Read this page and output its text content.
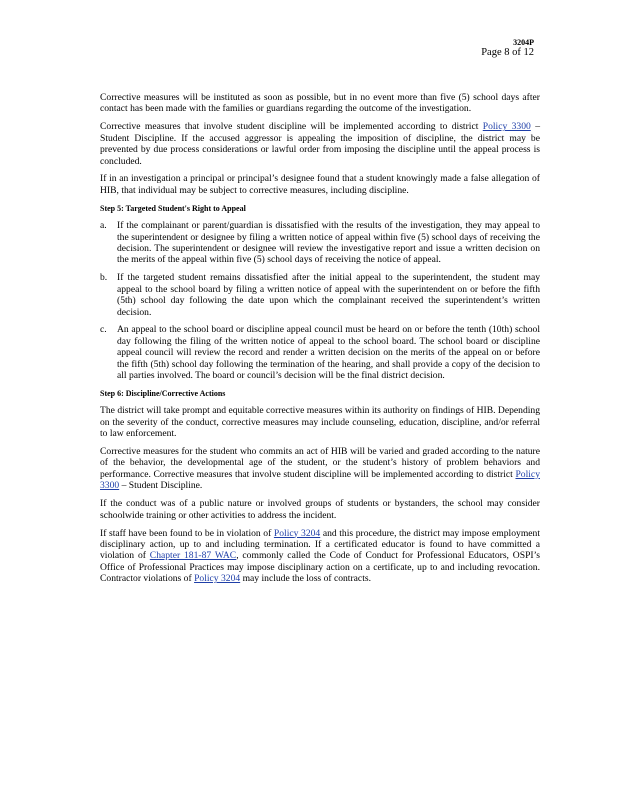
3204P
Page 8 of 12

Corrective measures will be instituted as soon as possible, but in no event more than five (5) school days after contact has been made with the families or guardians regarding the outcome of the investigation.

Corrective measures that involve student discipline will be implemented according to district Policy 3300 – Student Discipline. If the accused aggressor is appealing the imposition of discipline, the district may be prevented by due process considerations or lawful order from imposing the discipline until the appeal process is concluded.

If in an investigation a principal or principal’s designee found that a student knowingly made a false allegation of HIB, that individual may be subject to corrective measures, including discipline.

Step 5: Targeted Student's Right to Appeal
a. If the complainant or parent/guardian is dissatisfied with the results of the investigation, they may appeal to the superintendent or designee by filing a written notice of appeal within five (5) school days of receiving the decision. The superintendent or designee will review the investigative report and issue a written decision on the merits of the appeal within five (5) school days of receiving the notice of appeal.
b. If the targeted student remains dissatisfied after the initial appeal to the superintendent, the student may appeal to the school board by filing a written notice of appeal with the superintendent on or before the fifth (5th) school day following the date upon which the complainant received the superintendent’s written decision.
c. An appeal to the school board or discipline appeal council must be heard on or before the tenth (10th) school day following the filing of the written notice of appeal to the school board. The school board or discipline appeal council will review the record and render a written decision on the merits of the appeal on or before the fifth (5th) school day following the termination of the hearing, and shall provide a copy of the decision to all parties involved. The board or council’s decision will be the final district decision.
Step 6: Discipline/Corrective Actions

The district will take prompt and equitable corrective measures within its authority on findings of HIB. Depending on the severity of the conduct, corrective measures may include counseling, education, discipline, and/or referral to law enforcement.

Corrective measures for the student who commits an act of HIB will be varied and graded according to the nature of the behavior, the developmental age of the student, or the student’s history of problem behaviors and performance. Corrective measures that involve student discipline will be implemented according to district Policy 3300 – Student Discipline.

If the conduct was of a public nature or involved groups of students or bystanders, the school may consider schoolwide training or other activities to address the incident.

If staff have been found to be in violation of Policy 3204 and this procedure, the district may impose employment disciplinary action, up to and including termination. If a certificated educator is found to have committed a violation of Chapter 181-87 WAC, commonly called the Code of Conduct for Professional Educators, OSPI’s Office of Professional Practices may impose disciplinary action on a certificate, up to and including revocation. Contractor violations of Policy 3204 may include the loss of contracts.
